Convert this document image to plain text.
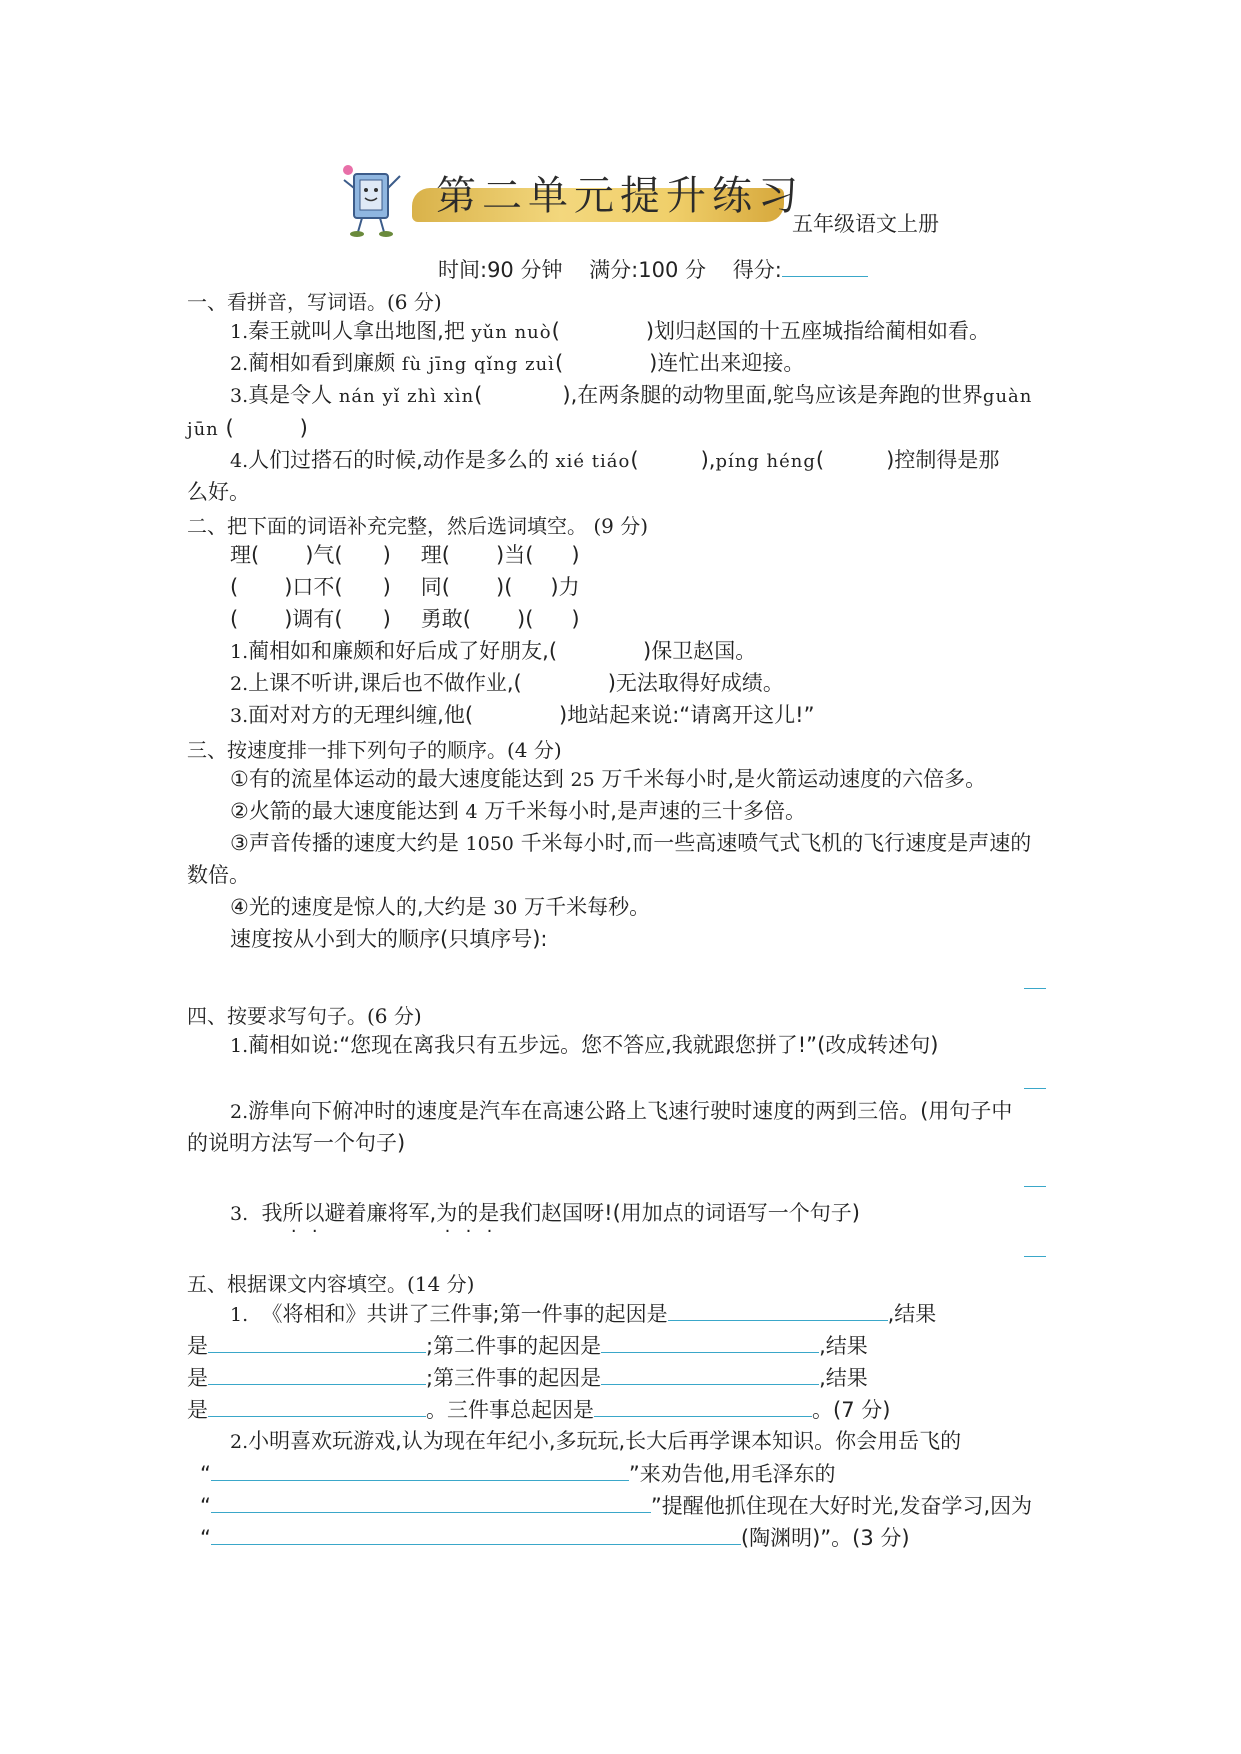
第二单元提升练习
五年级语文上册
时间:90 分钟 满分:100 分 得分:
一、看拼音，写词语。(6 分)
1.秦王就叫人拿出地图,把 yǔn nuò(	)划归赵国的十五座城指给蔺相如看。
2.蔺相如看到廉颇 fù jīng qǐng zuì(	)连忙出来迎接。
3.真是令人 nán yǐ zhì xìn(	),在两条腿的动物里面,鸵鸟应该是奔跑的世界guàn
jūn (	)
4.人们过搭石的时候,动作是多么的 xié tiáo(	),píng héng(	)控制得是那
么好。
二、把下面的词语补充完整，然后选词填空。 (9 分)
理( )气( ) 理( )当( )
( )口不( ) 同( )( )力
( )调有( ) 勇敢( )( )
1.蔺相如和廉颇和好后成了好朋友,(	)保卫赵国。
2.上课不听讲,课后也不做作业,(	)无法取得好成绩。
3.面对对方的无理纠缠,他(	)地站起来说:“请离开这儿!”
三、按速度排一排下列句子的顺序。(4 分)
①有的流星体运动的最大速度能达到 25 万千米每小时,是火箭运动速度的六倍多。
②火箭的最大速度能达到 4 万千米每小时,是声速的三十多倍。
③声音传播的速度大约是 1050 千米每小时,而一些高速喷气式飞机的飞行速度是声速的
数倍。
④光的速度是惊人的,大约是 30 万千米每秒。
速度按从小到大的顺序(只填序号):
四、按要求写句子。(6 分)
1.蔺相如说:“您现在离我只有五步远。您不答应,我就跟您拼了!”(改成转述句)
2.游隼向下俯冲时的速度是汽车在高速公路上飞速行驶时速度的两到三倍。(用句子中
的说明方法写一个句子)
3. 我所以避着廉将军,为的是我们赵国呀!(用加点的词语写一个句子)
五、根据课文内容填空。(14 分)
1. 《将相和》共讲了三件事;第一件事的起因是	,结果
是	;第二件事的起因是	,结果
是	;第三件事的起因是	,结果
是	。三件事总起因是	。(7 分)
2.小明喜欢玩游戏,认为现在年纪小,多玩玩,长大后再学课本知识。你会用岳飞的
“	”来劝告他,用毛泽东的
“	”提醒他抓住现在大好时光,发奋学习,因为
“	(陶渊明)”。(3 分)
